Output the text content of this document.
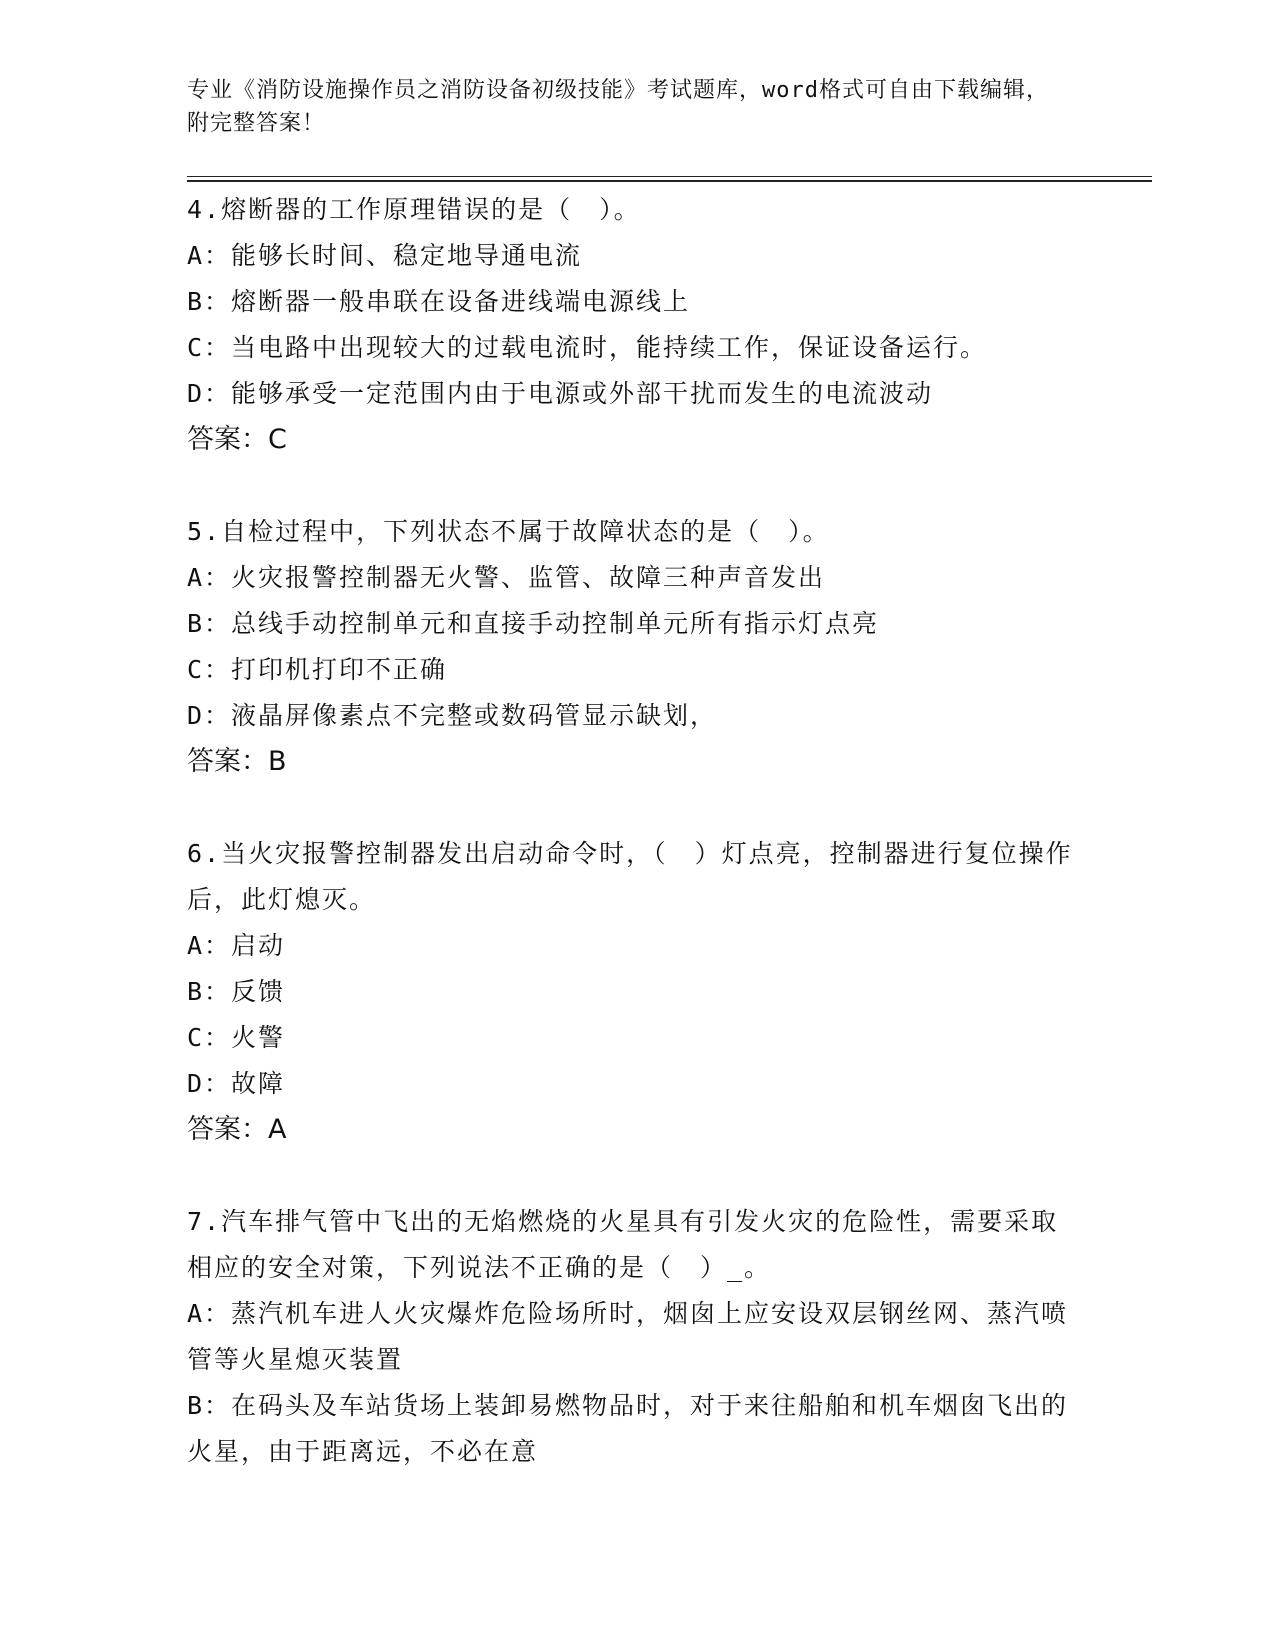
专业《消防设施操作员之消防设备初级技能》考试题库，word格式可自由下载编辑，附完整答案！

4.熔断器的工作原理错误的是（　）。

A：能够长时间、稳定地导通电流

B：熔断器一般串联在设备进线端电源线上

C：当电路中出现较大的过载电流时，能持续工作，保证设备运行。

D：能够承受一定范围内由于电源或外部干扰而发生的电流波动

答案：C

5.自检过程中，下列状态不属于故障状态的是（　）。

A：火灾报警控制器无火警、监管、故障三种声音发出

B：总线手动控制单元和直接手动控制单元所有指示灯点亮

C：打印机打印不正确

D：液晶屏像素点不完整或数码管显示缺划，

答案：B

6.当火灾报警控制器发出启动命令时，（　）灯点亮，控制器进行复位操作后，此灯熄灭。

A：启动

B：反馈

C：火警

D：故障

答案：A

7.汽车排气管中飞出的无焰燃烧的火星具有引发火灾的危险性，需要采取相应的安全对策，下列说法不正确的是（　）_。

A：蒸汽机车进人火灾爆炸危险场所时，烟囱上应安设双层钢丝网、蒸汽喷管等火星熄灭装置

B：在码头及车站货场上装卸易燃物品时，对于来往船舶和机车烟囱飞出的火星，由于距离远，不必在意
